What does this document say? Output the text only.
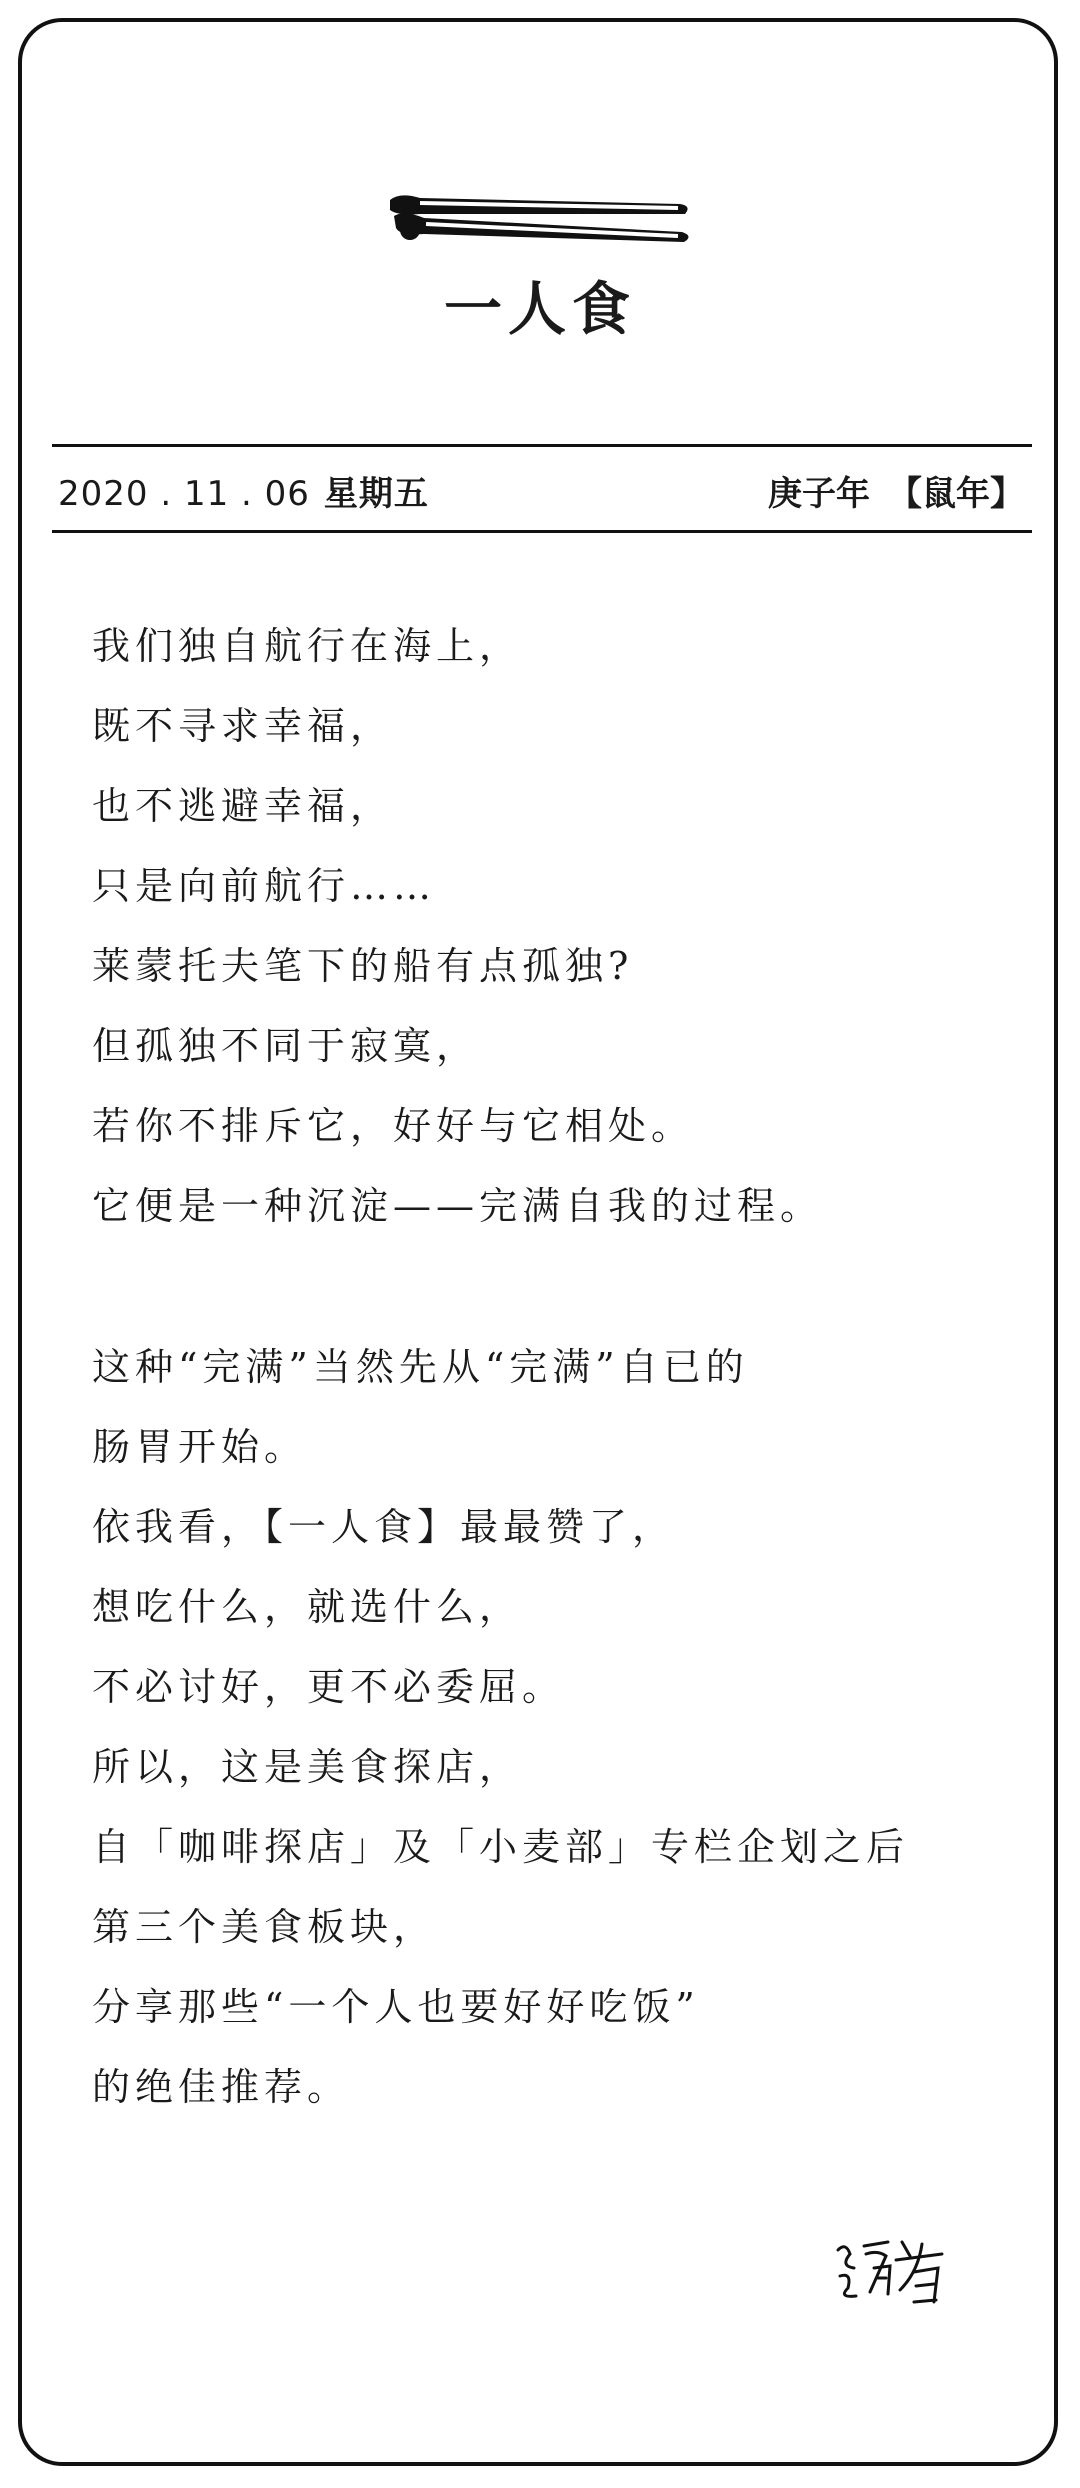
一人食
2020 . 11 . 06 星期五	庚子年 【鼠年】
我们独自航行在海上，
既不寻求幸福，
也不逃避幸福，
只是向前航行……
莱蒙托夫笔下的船有点孤独?
但孤独不同于寂寞，
若你不排斥它，好好与它相处。
它便是一种沉淀——完满自我的过程。
这种“完满”当然先从“完满”自已的
肠胃开始。
依我看，【一人食】最最赞了，
想吃什么，就选什么，
不必讨好，更不必委屈。
所以，这是美食探店，
自「咖啡探店」及「小麦部」专栏企划之后
第三个美食板块，
分享那些“一个人也要好好吃饭”
的绝佳推荐。
